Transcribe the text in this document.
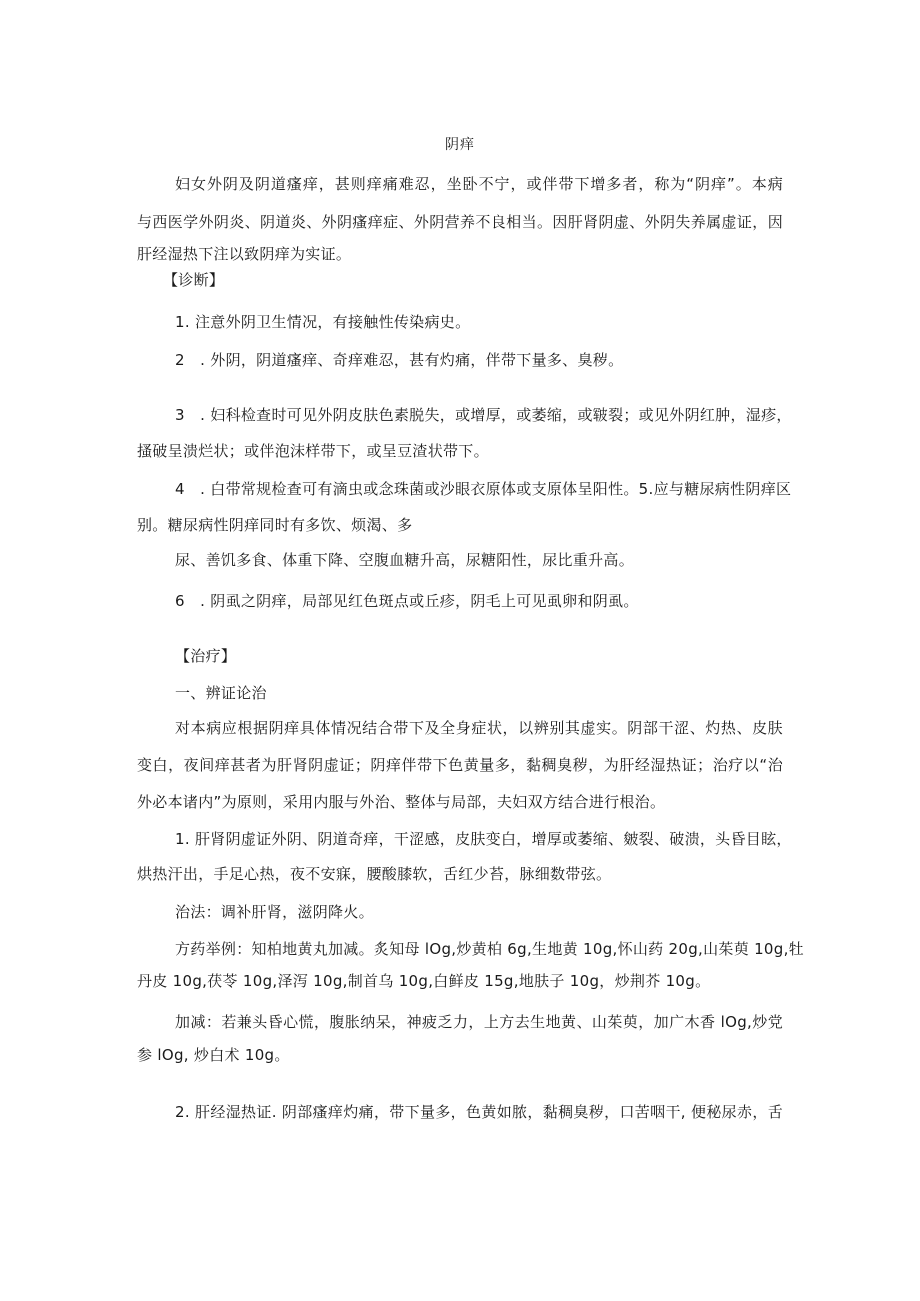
阴痒
妇女外阴及阴道瘙痒，甚则痒痛难忍，坐卧不宁，或伴带下增多者，称为“阴痒”。本病
与西医学外阴炎、阴道炎、外阴瘙痒症、外阴营养不良相当。因肝肾阴虚、外阴失养属虚证，因
肝经湿热下注以致阴痒为实证。
【诊断】
1. 注意外阴卫生情况，有接触性传染病史。
2　. 外阴，阴道瘙痒、奇痒难忍，甚有灼痛，伴带下量多、臭秽。
3　. 妇科检查时可见外阴皮肤色素脱失，或增厚，或萎缩，或皲裂；或见外阴红肿，湿疹，
搔破呈溃烂状；或伴泡沫样带下，或呈豆渣状带下。
4　. 白带常规检查可有滴虫或念珠菌或沙眼衣原体或支原体呈阳性。5.应与糖尿病性阴痒区
别。糖尿病性阴痒同时有多饮、烦渴、多
尿、善饥多食、体重下降、空腹血糖升高，尿糖阳性，尿比重升高。
6　. 阴虱之阴痒，局部见红色斑点或丘疹，阴毛上可见虱卵和阴虱。
【治疗】
一、辨证论治
对本病应根据阴痒具体情况结合带下及全身症状，以辨别其虚实。阴部干涩、灼热、皮肤
变白，夜间痒甚者为肝肾阴虚证；阴痒伴带下色黄量多，黏稠臭秽，为肝经湿热证；治疗以“治
外必本诸内”为原则，采用内服与外治、整体与局部，夫妇双方结合进行根治。
1. 肝肾阴虚证外阴、阴道奇痒，干涩感，皮肤变白，增厚或萎缩、皴裂、破溃，头昏目眩，
烘热汗出，手足心热，夜不安寐，腰酸膝软，舌红少苔，脉细数带弦。
治法：调补肝肾，滋阴降火。
方药举例：知柏地黄丸加减。炙知母 lOg,炒黄柏 6g,生地黄 10g,怀山药 20g,山茱萸 10g,牡
丹皮 10g,茯苓 10g,泽泻 10g,制首乌 10g,白鲜皮 15g,地肤子 10g，炒荆芥 10g。
加减：若兼头昏心慌，腹胀纳呆，神疲乏力，上方去生地黄、山茱萸，加广木香 lOg,炒党
参 lOg, 炒白术 10g。
2. 肝经湿热证. 阴部瘙痒灼痛，带下量多，色黄如脓，黏稠臭秽，口苦咽干, 便秘尿赤，舌
